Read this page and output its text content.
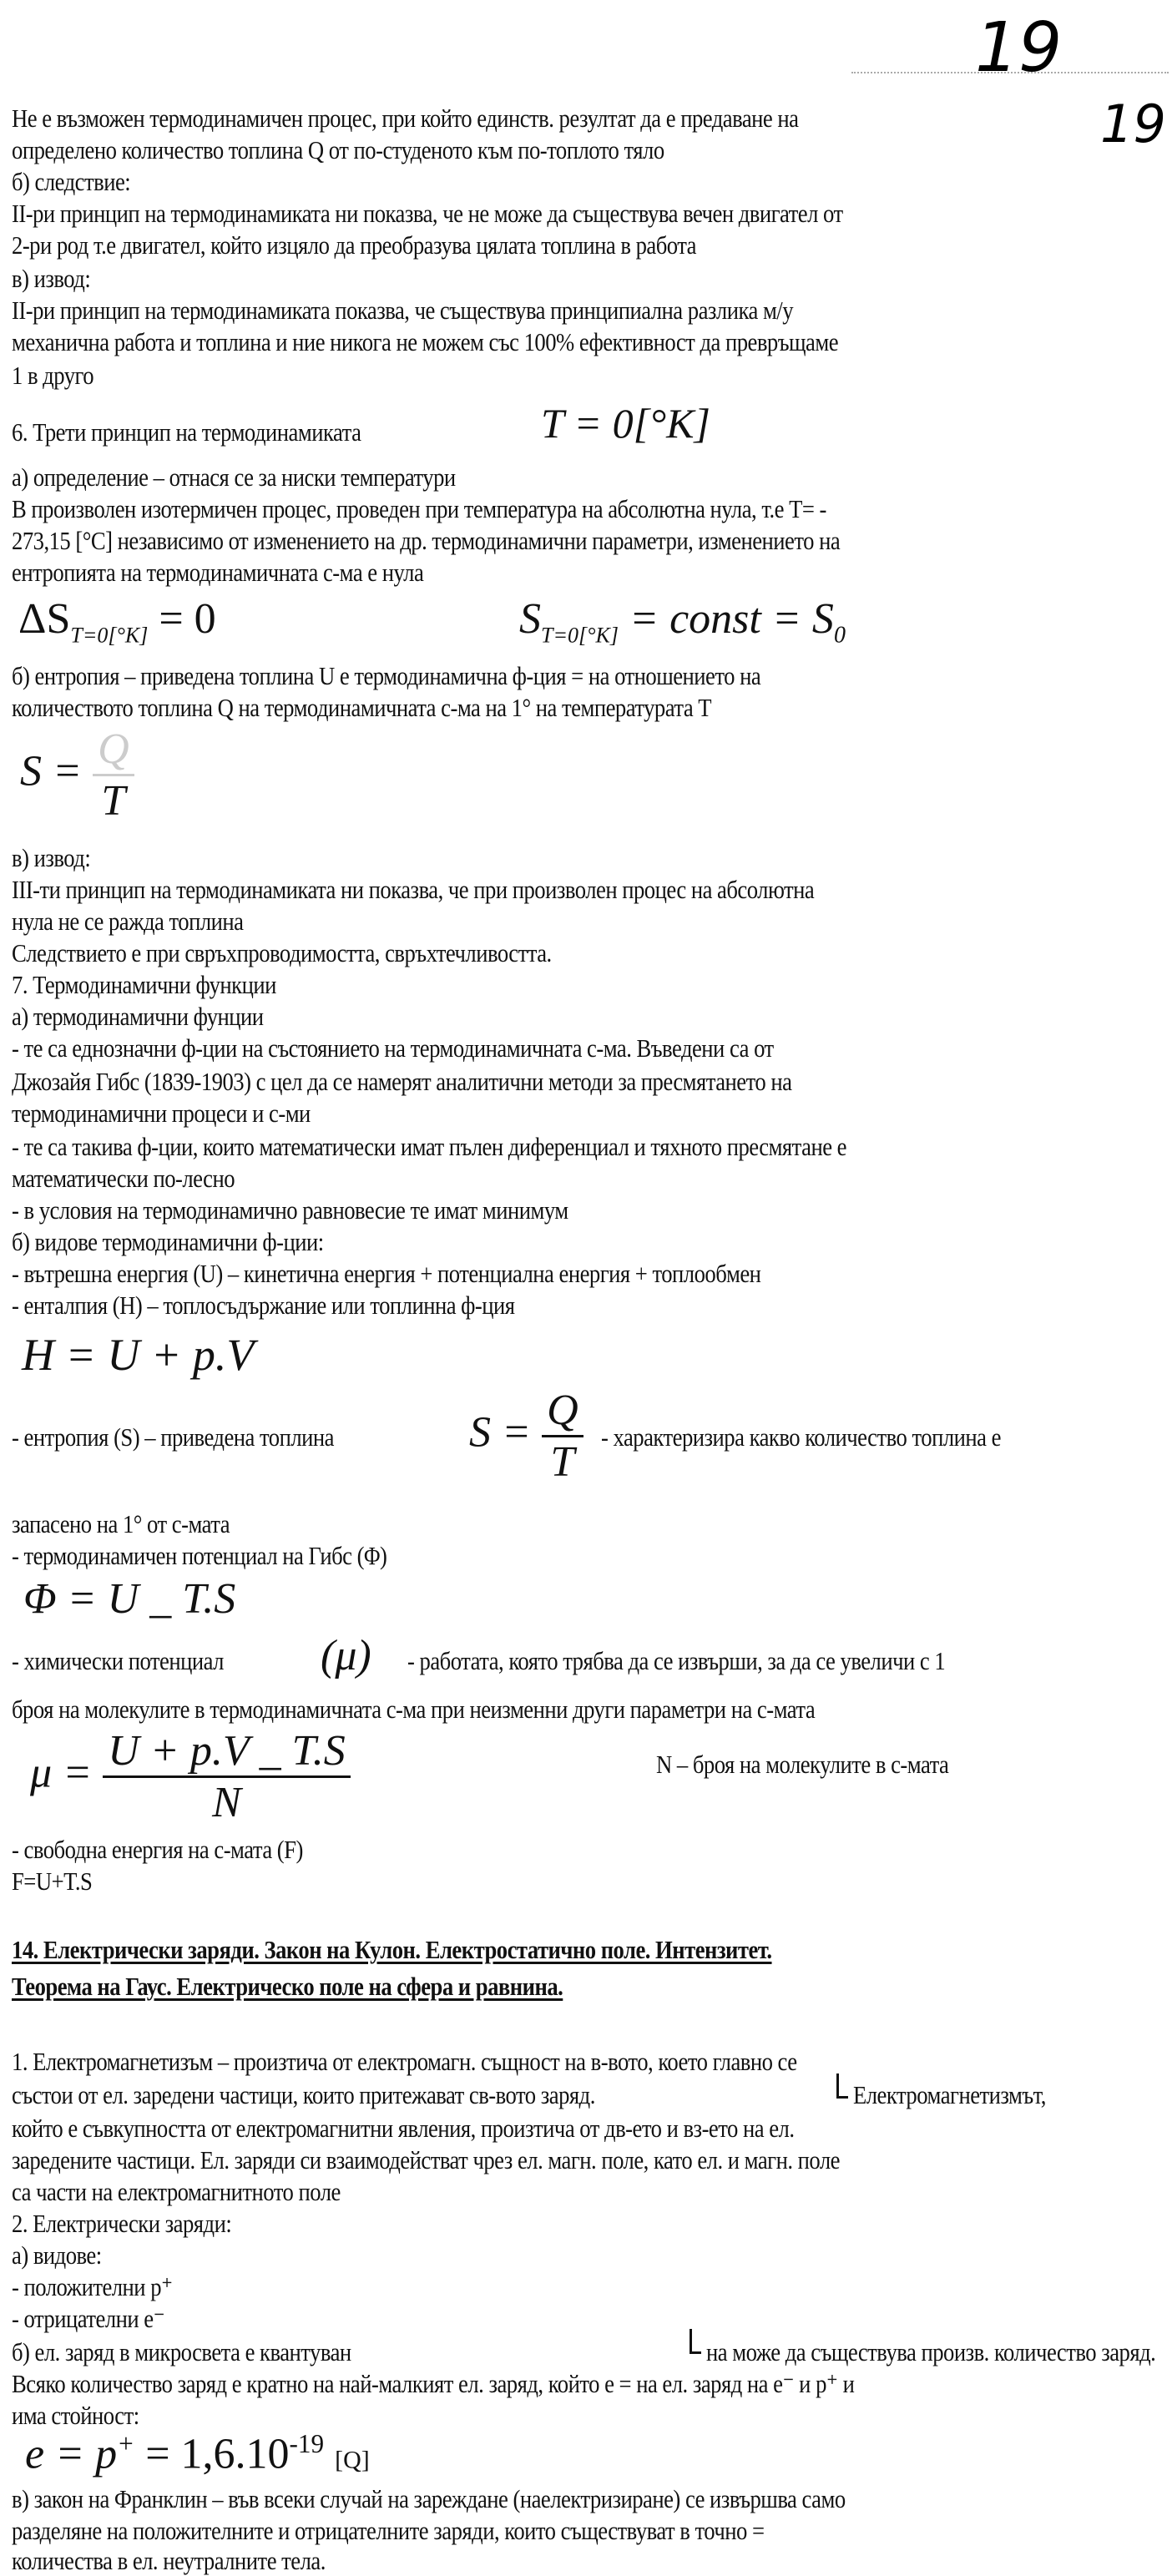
19
19
Не е възможен термодинамичен процес, при който единств. резултат да е предаване на
определено количество топлина Q от по-студеното към по-топлото тяло
б) следствие:
II-ри принцип на термодинамиката ни показва, че не може да съществува вечен двигател от
2-ри род т.е двигател, който изцяло да преобразува цялата топлина в работа
в) извод:
II-ри принцип на термодинамиката показва, че съществува принципиална разлика м/у
механична работа и топлина и ние никога не можем със 100% ефективност да превръщаме
1 в друго
6. Трети принцип на термодинамиката	T = 0[°K]
а) определение – отнася се за ниски температури
В произволен изотермичен процес, проведен при температура на абсолютна нула, т.е T= -
273,15 [°C] независимо от изменението на др. термодинамични параметри, изменението на
ентропията на термодинамичната с-ма е нула
$\Delta S_{T=0[^\circ K]} = 0$	$S_{T=0[^\circ K]}$ = const = $S_0$
б) ентропия – приведена топлина U е термодинамична ф-ция = на отношението на
количеството топлина Q на термодинамичната с-ма на 1° на температурата T
$S = \frac{Q}{T}$
в) извод:
III-ти принцип на термодинамиката ни показва, че при произволен процес на абсолютна
нула не се ражда топлина
Следствието е при свръхпроводимостта, свръхтечливостта.
7. Термодинамични функции
а) термодинамични фунции
- те са еднозначни ф-ции на състоянието на термодинамичната с-ма. Въведени са от
Джозайя Гибс (1839-1903) с цел да се намерят аналитични методи за пресмятането на
термодинамични процеси и с-ми
- те са такива ф-ции, които математически имат пълен диференциал и тяхното пресмятане е
математически по-лесно
- в условия на термодинамично равновесие те имат минимум
б) видове термодинамични ф-ции:
- вътрешна енергия (U) – кинетична енергия + потенциална енергия + топлообмен
- енталпия (H) – топлосъдържание или топлинна ф-ция
H = U + p.V
- ентропия (S) – приведена топлина	$S = \frac{Q}{T}$ - характеризира какво количество топлина е
запасено на 1° от с-мата
- термодинамичен потенциал на Гибс (Φ)
Φ = U _ T.S
- химически потенциал (μ) - работата, която трябва да се извърши, за да се увеличи с 1
броя на молекулите в термодинамичната с-ма при неизменни други параметри на с-мата
$\mu = \frac{U + p.V \_ T.S}{N}$	N – броя на молекулите в с-мата
- свободна енергия на с-мата (F)
F=U+T.S
14. Електрически заряди. Закон на Кулон. Електростатично поле. Интензитет.
Теорема на Гаус. Електрическо поле на сфера и равнина.
1. Електромагнетизъм – произтича от електромагн. същност на в-вото, което главно се
състои от ел. заредени частици, които притежават св-вото заряд.	Електромагнетизмът,
който е съвкупността от електромагнитни явления, произтича от дв-ето и вз-ето на ел.
заредените частици. Ел. заряди си взаимодействат чрез ел. магн. поле, като ел. и магн. поле
са части на електромагнитното поле
2. Електрически заряди:
а) видове:
- положителни p⁺
- отрицателни e⁻
б) ел. заряд в микросвета е квантуван	на може да съществува произв. количество заряд.
Всяко количество заряд е кратно на най-малкият ел. заряд, който е = на ел. заряд на e⁻ и p⁺ и
има стойност:
$e = p^+ = 1,6.10^{-19}$ [Q]
в) закон на Франклин – във всеки случай на зареждане (наелектризиране) се извършва само
разделяне на положителните и отрицателните заряди, които съществуват в точно =
количества в ел. неутралните тела.
